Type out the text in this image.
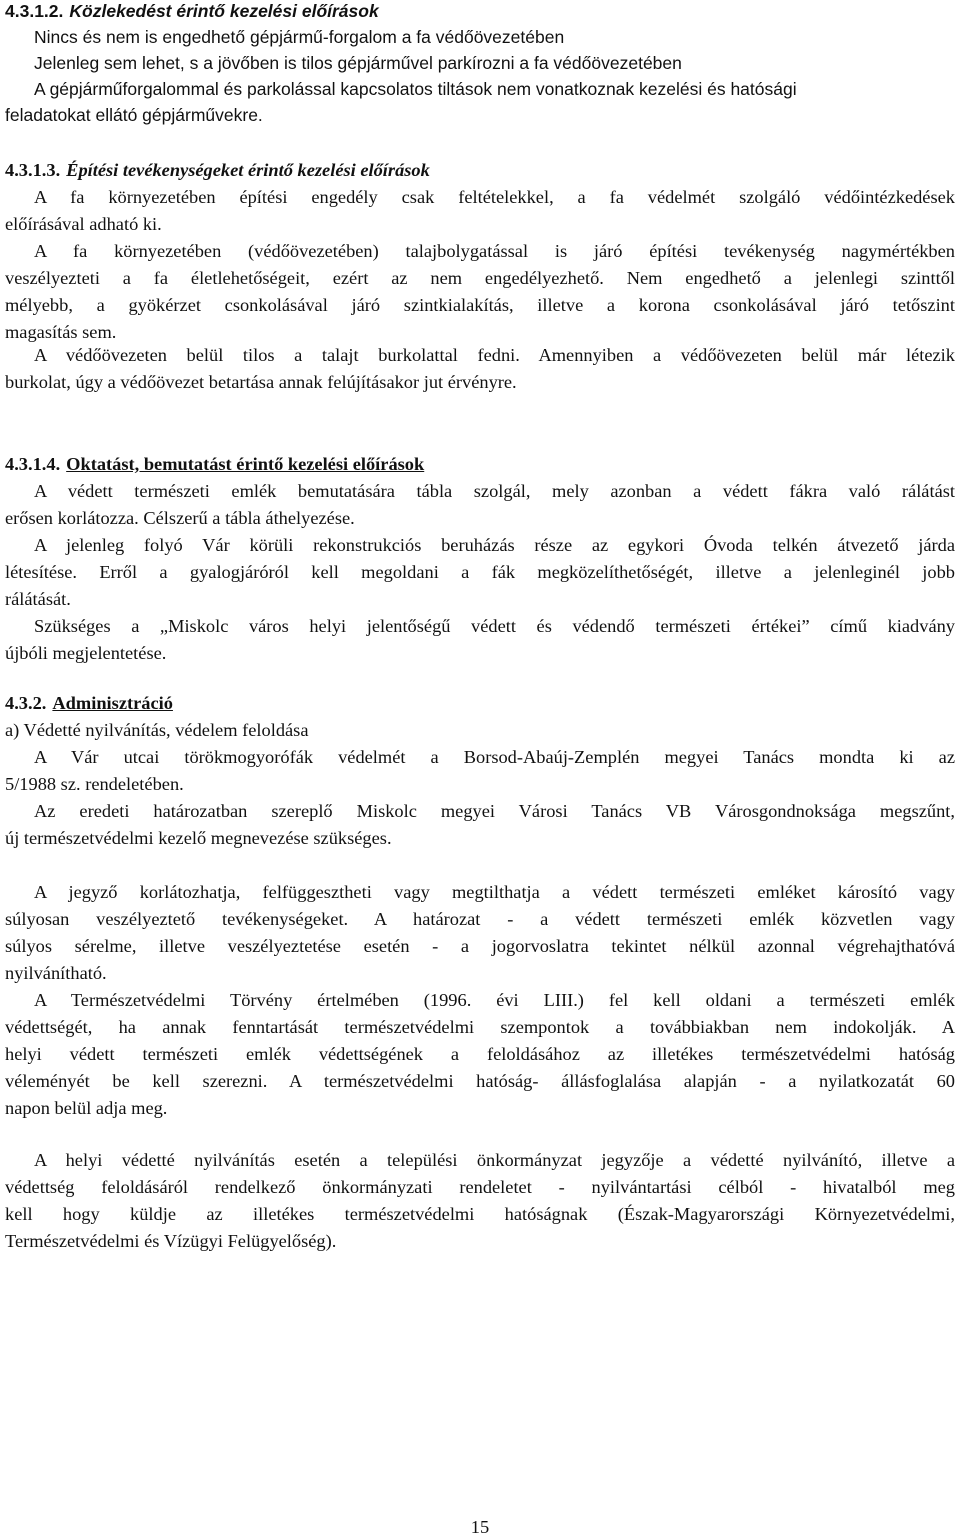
4.3.1.2. Közlekedést érintő kezelési előírások
Nincs és nem is engedhető gépjármű-forgalom a fa védőövezetében
Jelenleg sem lehet, s a jövőben is tilos gépjárművel parkírozni a fa védőövezetében
A gépjárműforgalommal és parkolással kapcsolatos tiltások nem vonatkoznak kezelési és hatósági
feladatokat ellátó gépjárművekre.
4.3.1.3. Építési tevékenységeket érintő kezelési előírások
A fa környezetében építési engedély csak feltételekkel, a fa védelmét szolgáló védőintézkedések
előírásával adható ki.
A fa környezetében (védőövezetében) talajbolygatással is járó építési tevékenység nagymértékben
veszélyezteti a fa életlehetőségeit, ezért az nem engedélyezhető. Nem engedhető a jelenlegi szinttől
mélyebb, a gyökérzet csonkolásával járó szintkialakítás, illetve a korona csonkolásával járó tetőszint
magasítás sem.
A védőövezeten belül tilos a talajt burkolattal fedni. Amennyiben a védőövezeten belül már létezik
burkolat, úgy a védőövezet betartása annak felújításakor jut érvényre.
4.3.1.4. Oktatást, bemutatást érintő kezelési előírások
A védett természeti emlék bemutatására tábla szolgál, mely azonban a védett fákra való rálátást
erősen korlátozza. Célszerű a tábla áthelyezése.
A jelenleg folyó Vár körüli rekonstrukciós beruházás része az egykori Óvoda telkén átvezető járda
létesítése. Erről a gyalogjáróról kell megoldani a fák megközelíthetőségét, illetve a jelenleginél jobb
rálátását.
Szükséges a „Miskolc város helyi jelentőségű védett és védendő természeti értékei” című kiadvány
újbóli megjelentetése.
4.3.2. Adminisztráció
a) Védetté nyilvánítás, védelem feloldása
A Vár utcai törökmogyorófák védelmét a Borsod-Abaúj-Zemplén megyei Tanács mondta ki az
5/1988 sz. rendeletében.
Az eredeti határozatban szereplő Miskolc megyei Városi Tanács VB Városgondnoksága megszűnt,
új természetvédelmi kezelő megnevezése szükséges.
A jegyző korlátozhatja, felfüggesztheti vagy megtilthatja a védett természeti emléket károsító vagy
súlyosan veszélyeztető tevékenységeket. A határozat - a védett természeti emlék közvetlen vagy
súlyos sérelme, illetve veszélyeztetése esetén - a jogorvoslatra tekintet nélkül azonnal végrehajthatóvá
nyilvánítható.
A Természetvédelmi Törvény értelmében (1996. évi LIII.) fel kell oldani a természeti emlék
védettségét, ha annak fenntartását természetvédelmi szempontok a továbbiakban nem indokolják. A
helyi védett természeti emlék védettségének a feloldásához az illetékes természetvédelmi hatóság
véleményét be kell szerezni. A természetvédelmi hatóság- állásfoglalása alapján - a nyilatkozatát 60
napon belül adja meg.
A helyi védetté nyilvánítás esetén a települési önkormányzat jegyzője a védetté nyilvánító, illetve a
védettség feloldásáról rendelkező önkormányzati rendeletet - nyilvántartási célból - hivatalból meg
kell hogy küldje az illetékes természetvédelmi hatóságnak (Észak-Magyarországi Környezetvédelmi,
Természetvédelmi és Vízügyi Felügyelőség).
15
